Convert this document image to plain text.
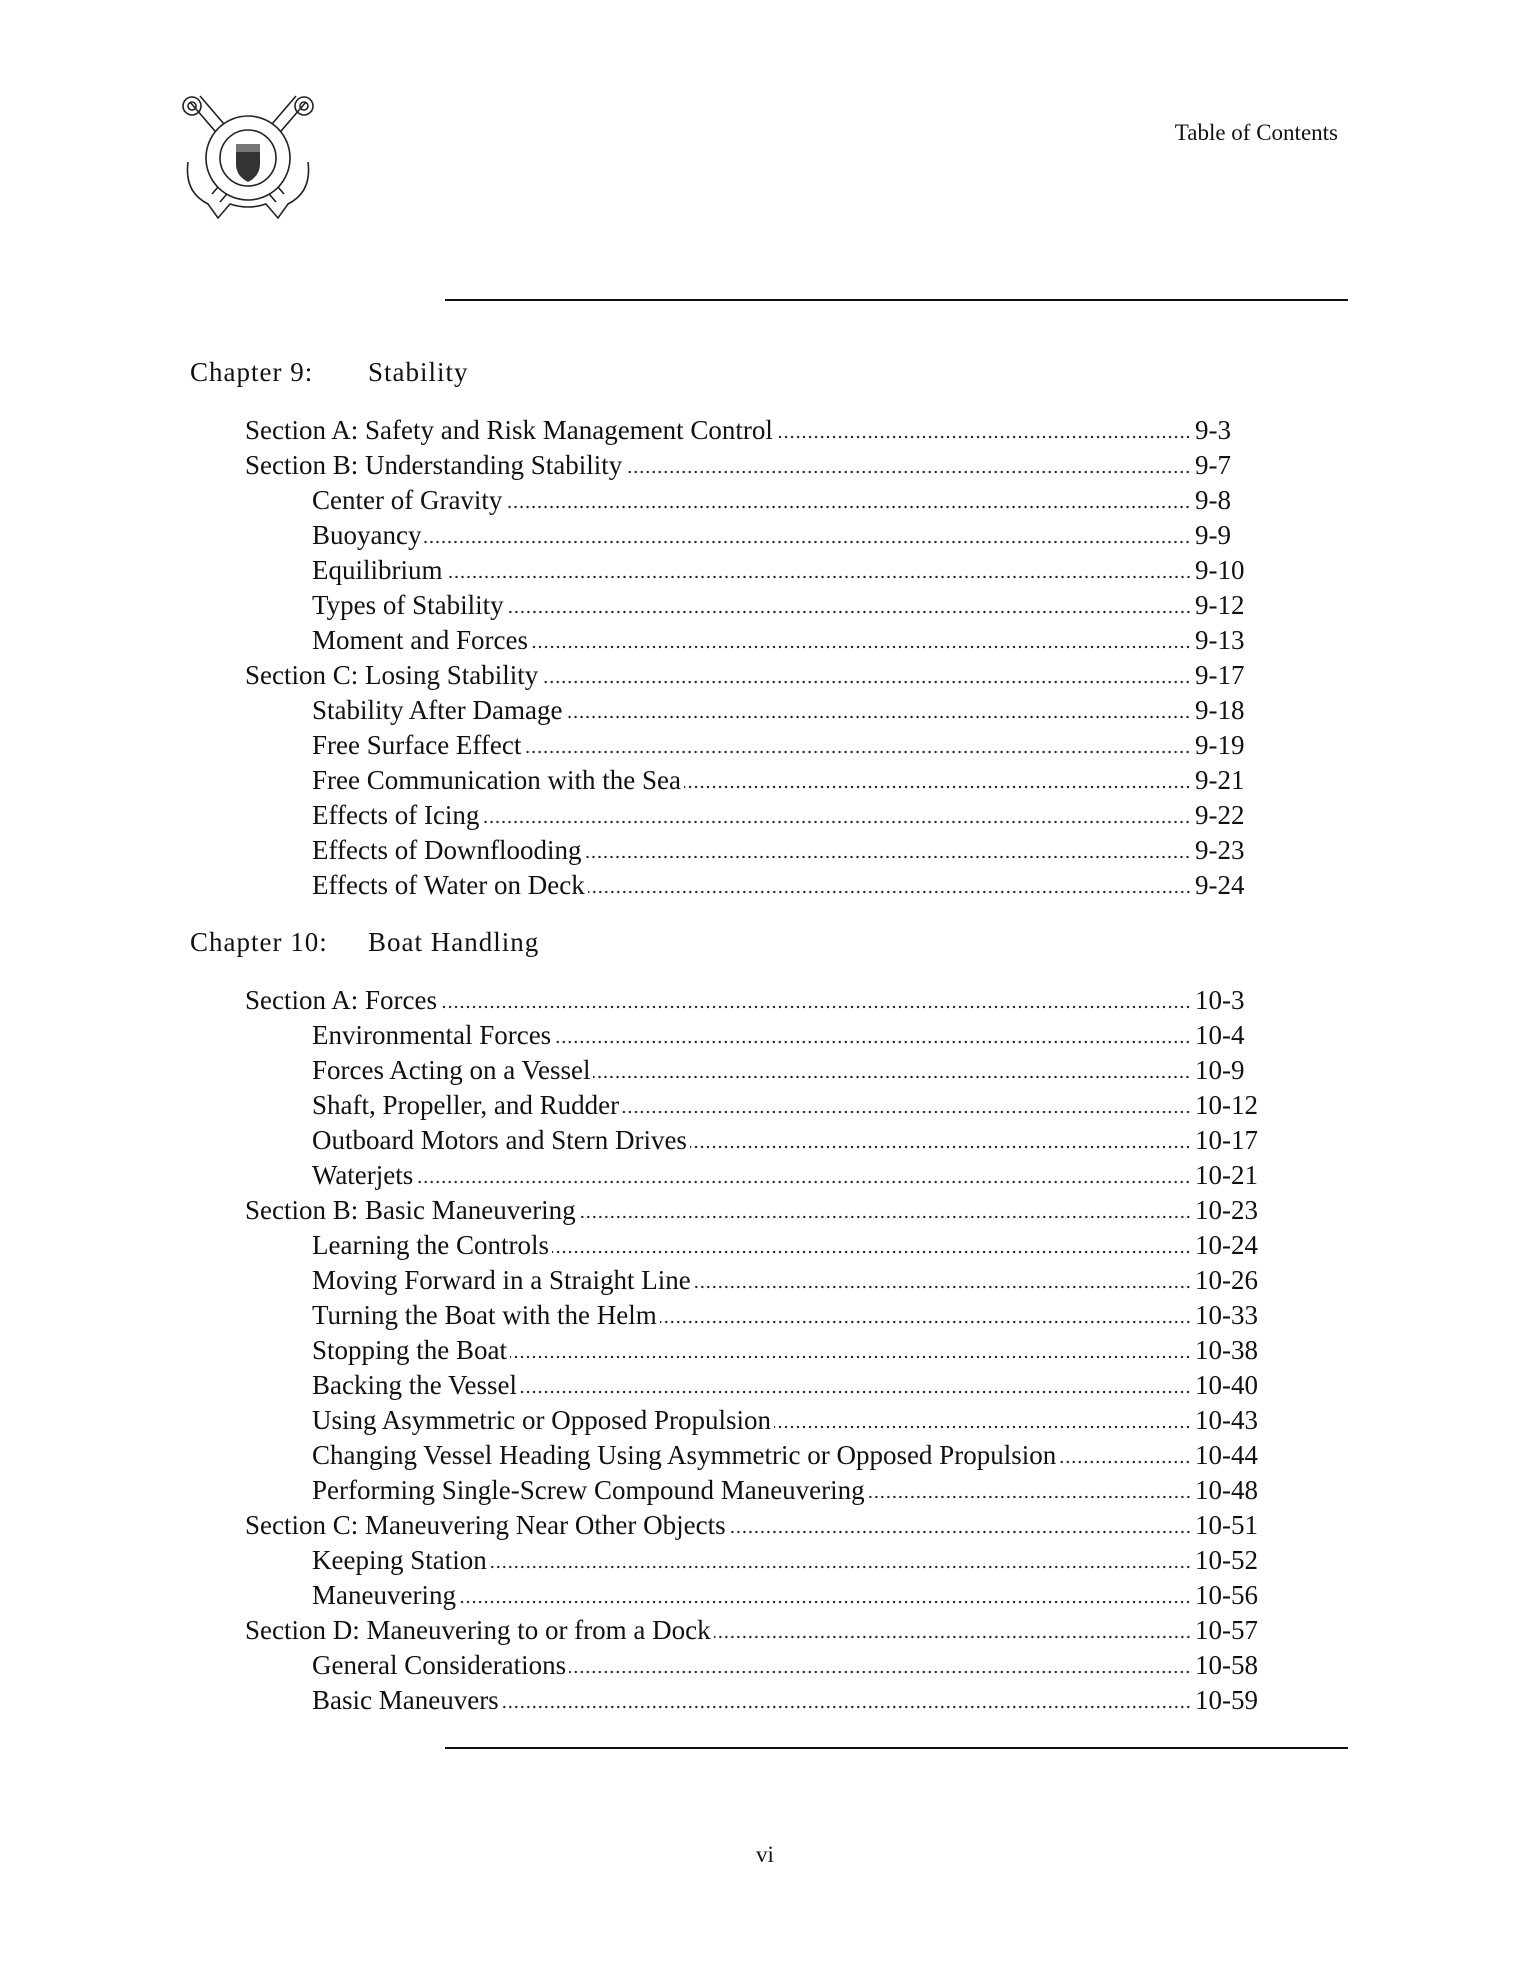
Table of Contents
Chapter 9: Stability
Section A: Safety and Risk Management Control	9-3
Section B: Understanding Stability	9-7
Center of Gravity	9-8
Buoyancy	9-9
Equilibrium	9-10
Types of Stability	9-12
Moment and Forces	9-13
Section C: Losing Stability	9-17
Stability After Damage	9-18
Free Surface Effect	9-19
Free Communication with the Sea	9-21
Effects of Icing	9-22
Effects of Downflooding	9-23
Effects of Water on Deck	9-24
Chapter 10: Boat Handling
Section A: Forces	10-3
Environmental Forces	10-4
Forces Acting on a Vessel	10-9
Shaft, Propeller, and Rudder	10-12
Outboard Motors and Stern Drives	10-17
Waterjets	10-21
Section B: Basic Maneuvering	10-23
Learning the Controls	10-24
Moving Forward in a Straight Line	10-26
Turning the Boat with the Helm	10-33
Stopping the Boat	10-38
Backing the Vessel	10-40
Using Asymmetric or Opposed Propulsion	10-43
Changing Vessel Heading Using Asymmetric or Opposed Propulsion	10-44
Performing Single-Screw Compound Maneuvering	10-48
Section C: Maneuvering Near Other Objects	10-51
Keeping Station	10-52
Maneuvering	10-56
Section D: Maneuvering to or from a Dock	10-57
General Considerations	10-58
Basic Maneuvers	10-59
vi
